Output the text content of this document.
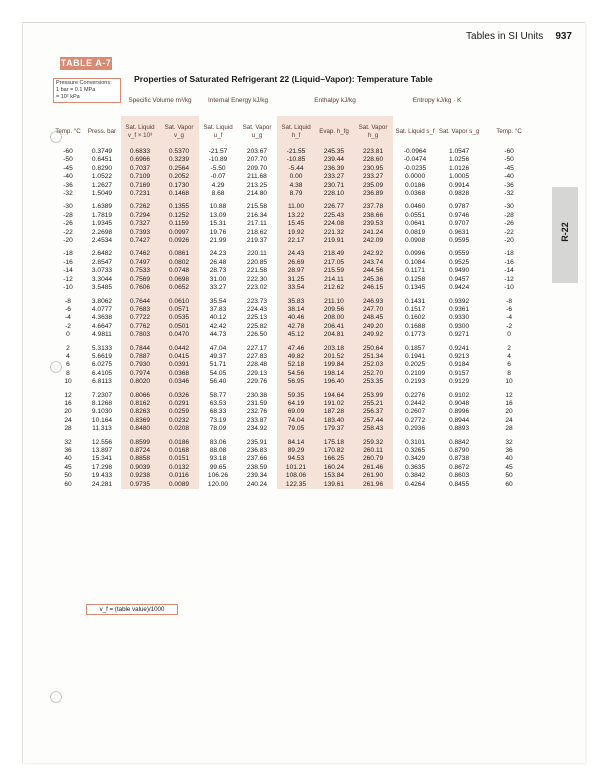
Tables in SI Units 937
TABLE A-7
Properties of Saturated Refrigerant 22 (Liquid–Vapor): Temperature Table
Pressure Conversions:
1 bar = 0.1 MPa
= 10² kPa
R-22
		Specific Volume m³/kg		Internal Energy kJ/kg		Enthalpy kJ/kg			Entropy kJ/kg · K		
Temp. °C	Press. bar	Sat. Liquid v_f × 10³	Sat. Vapor v_g	Sat. Liquid u_f	Sat. Vapor u_g	Sat. Liquid h_f	Evap. h_fg	Sat. Vapor h_g	Sat. Liquid s_f	Sat. Vapor s_g	Temp. °C
-60	0.3749	0.6833	0.5370	-21.57	203.67	-21.55	245.35	223.81	-0.0964	1.0547	-60
-50	0.6451	0.6966	0.3239	-10.89	207.70	-10.85	239.44	228.60	-0.0474	1.0256	-50
-45	0.8290	0.7037	0.2564	-5.50	209.70	-5.44	236.39	230.95	-0.0235	1.0126	-45
-40	1.0522	0.7109	0.2052	-0.07	211.68	0.00	233.27	233.27	0.0000	1.0005	-40
-36	1.2627	0.7169	0.1730	4.29	213.25	4.38	230.71	235.09	0.0186	0.9914	-36
-32	1.5049	0.7231	0.1468	8.68	214.80	8.79	228.10	236.89	0.0368	0.9828	-32

-30	1.6389	0.7262	0.1355	10.88	215.58	11.00	226.77	237.78	0.0460	0.9787	-30
-28	1.7819	0.7294	0.1252	13.09	216.34	13.22	225.43	238.66	0.0551	0.9746	-28
-26	1.9345	0.7327	0.1159	15.31	217.11	15.45	224.08	239.53	0.0641	0.9707	-26
-22	2.2698	0.7393	0.0997	19.76	218.62	19.92	221.32	241.24	0.0819	0.9631	-22
-20	2.4534	0.7427	0.0926	21.99	219.37	22.17	219.91	242.09	0.0908	0.9595	-20

-18	2.6482	0.7462	0.0861	24.23	220.11	24.43	218.49	242.92	0.0996	0.9559	-18
-16	2.8547	0.7497	0.0802	26.48	220.85	26.69	217.05	243.74	0.1084	0.9525	-16
-14	3.0733	0.7533	0.0748	28.73	221.58	28.97	215.59	244.56	0.1171	0.9490	-14
-12	3.3044	0.7569	0.0698	31.00	222.30	31.25	214.11	245.36	0.1258	0.9457	-12
-10	3.5485	0.7606	0.0652	33.27	223.02	33.54	212.62	246.15	0.1345	0.9424	-10

-8	3.8062	0.7644	0.0610	35.54	223.73	35.83	211.10	246.93	0.1431	0.9392	-8
-6	4.0777	0.7683	0.0571	37.83	224.43	38.14	209.56	247.70	0.1517	0.9361	-6
-4	4.3638	0.7722	0.0535	40.12	225.13	40.46	208.00	248.45	0.1602	0.9330	-4
-2	4.6647	0.7762	0.0501	42.42	225.82	42.78	206.41	249.20	0.1688	0.9300	-2
0	4.9811	0.7803	0.0470	44.73	226.50	45.12	204.81	249.92	0.1773	0.9271	0

2	5.3133	0.7844	0.0442	47.04	227.17	47.46	203.18	250.64	0.1857	0.9241	2
4	5.6619	0.7887	0.0415	49.37	227.83	49.82	201.52	251.34	0.1941	0.9213	4
6	6.0275	0.7930	0.0391	51.71	228.48	52.18	199.84	252.03	0.2025	0.9184	6
8	6.4105	0.7974	0.0368	54.05	229.13	54.56	198.14	252.70	0.2109	0.9157	8
10	6.8113	0.8020	0.0346	56.40	229.76	56.95	196.40	253.35	0.2193	0.9129	10

12	7.2307	0.8066	0.0326	58.77	230.38	59.35	194.64	253.99	0.2276	0.9102	12
16	8.1268	0.8162	0.0291	63.53	231.59	64.19	191.02	255.21	0.2442	0.9048	16
20	9.1030	0.8263	0.0259	68.33	232.76	69.09	187.28	256.37	0.2607	0.8996	20
24	10.164	0.8369	0.0232	73.19	233.87	74.04	183.40	257.44	0.2772	0.8944	24
28	11.313	0.8480	0.0208	78.09	234.92	79.05	179.37	258.43	0.2936	0.8893	28

32	12.556	0.8599	0.0186	83.06	235.91	84.14	175.18	259.32	0.3101	0.8842	32
36	13.897	0.8724	0.0168	88.08	236.83	89.29	170.82	260.11	0.3265	0.8790	36
40	15.341	0.8858	0.0151	93.18	237.66	94.53	166.25	260.79	0.3429	0.8738	40
45	17.298	0.9039	0.0132	99.65	238.59	101.21	160.24	261.46	0.3635	0.8672	45
50	19.433	0.9238	0.0116	106.26	239.34	108.06	153.84	261.90	0.3842	0.8603	50
60	24.281	0.9735	0.0089	120.00	240.24	122.35	139.61	261.96	0.4264	0.8455	60
v_f = (table value)/1000
